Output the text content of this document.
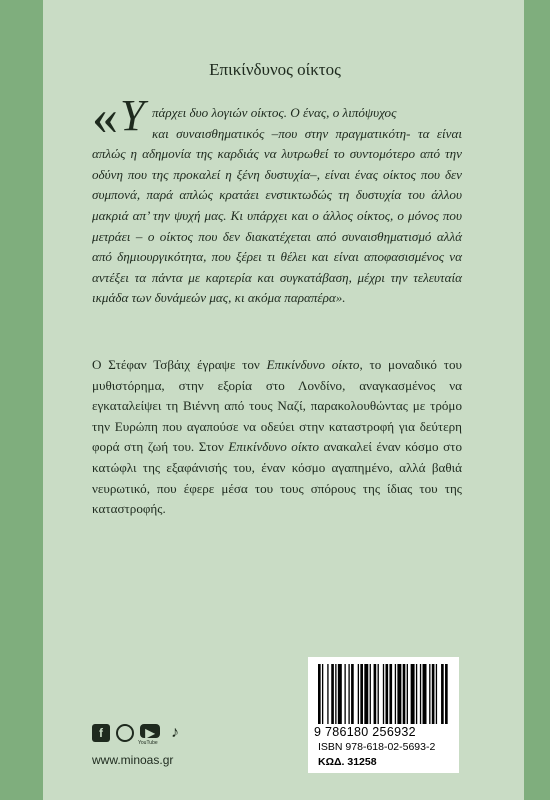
Επικίνδυνος οίκτος
« Υ πάρχει δυο λογιών οίκτος. Ο ένας, ο λιπόψυχος
και συναισθηματικός –που στην πραγματικότη- τα είναι απλώς η αδημονία της καρδιάς να λυτρωθεί το συντομότερο από την οδύνη που της προκαλεί η ξένη δυστυχία–, είναι ένας οίκτος που δεν συμπονά, παρά απλώς κρατάει ενστικτωδώς τη δυστυχία του άλλου μακριά απ’ την ψυχή μας. Κι υπάρχει και ο άλλος οίκτος, ο μόνος που μετράει – ο οίκτος που δεν διακατέχεται από συναισθηματισμό αλλά από δημιουργικότητα, που ξέρει τι θέλει και είναι αποφασισμένος να αντέξει τα πάντα με καρτερία και συγκατάβαση, μέχρι την τελευταία ικμάδα των δυνάμεών μας, κι ακόμα παραπέρα».

Ο Στέφαν Τσβάιχ έγραψε τον Επικίνδυνο οίκτο, το μοναδικό του μυθιστόρημα, στην εξορία στο Λονδίνο, αναγκασμένος να εγκαταλείψει τη Βιέννη από τους Ναζί, παρακολουθώντας με τρόμο την Ευρώπη που αγαπούσε να οδεύει στην καταστροφή για δεύτερη φορά στη ζωή του. Στον Επικίνδυνο οίκτο ανακαλεί έναν κόσμο στο κατώφλι της εξαφάνισής του, έναν κόσμο αγαπημένο, αλλά βαθιά νευρωτικό, που έφερε μέσα του τους σπόρους της ίδιας του της καταστροφής.

f	▶
YouTube
♪
www.minoas.gr
9 786180 256932
ISBN 978-618-02-5693-2
ΚΩΔ. 31258
